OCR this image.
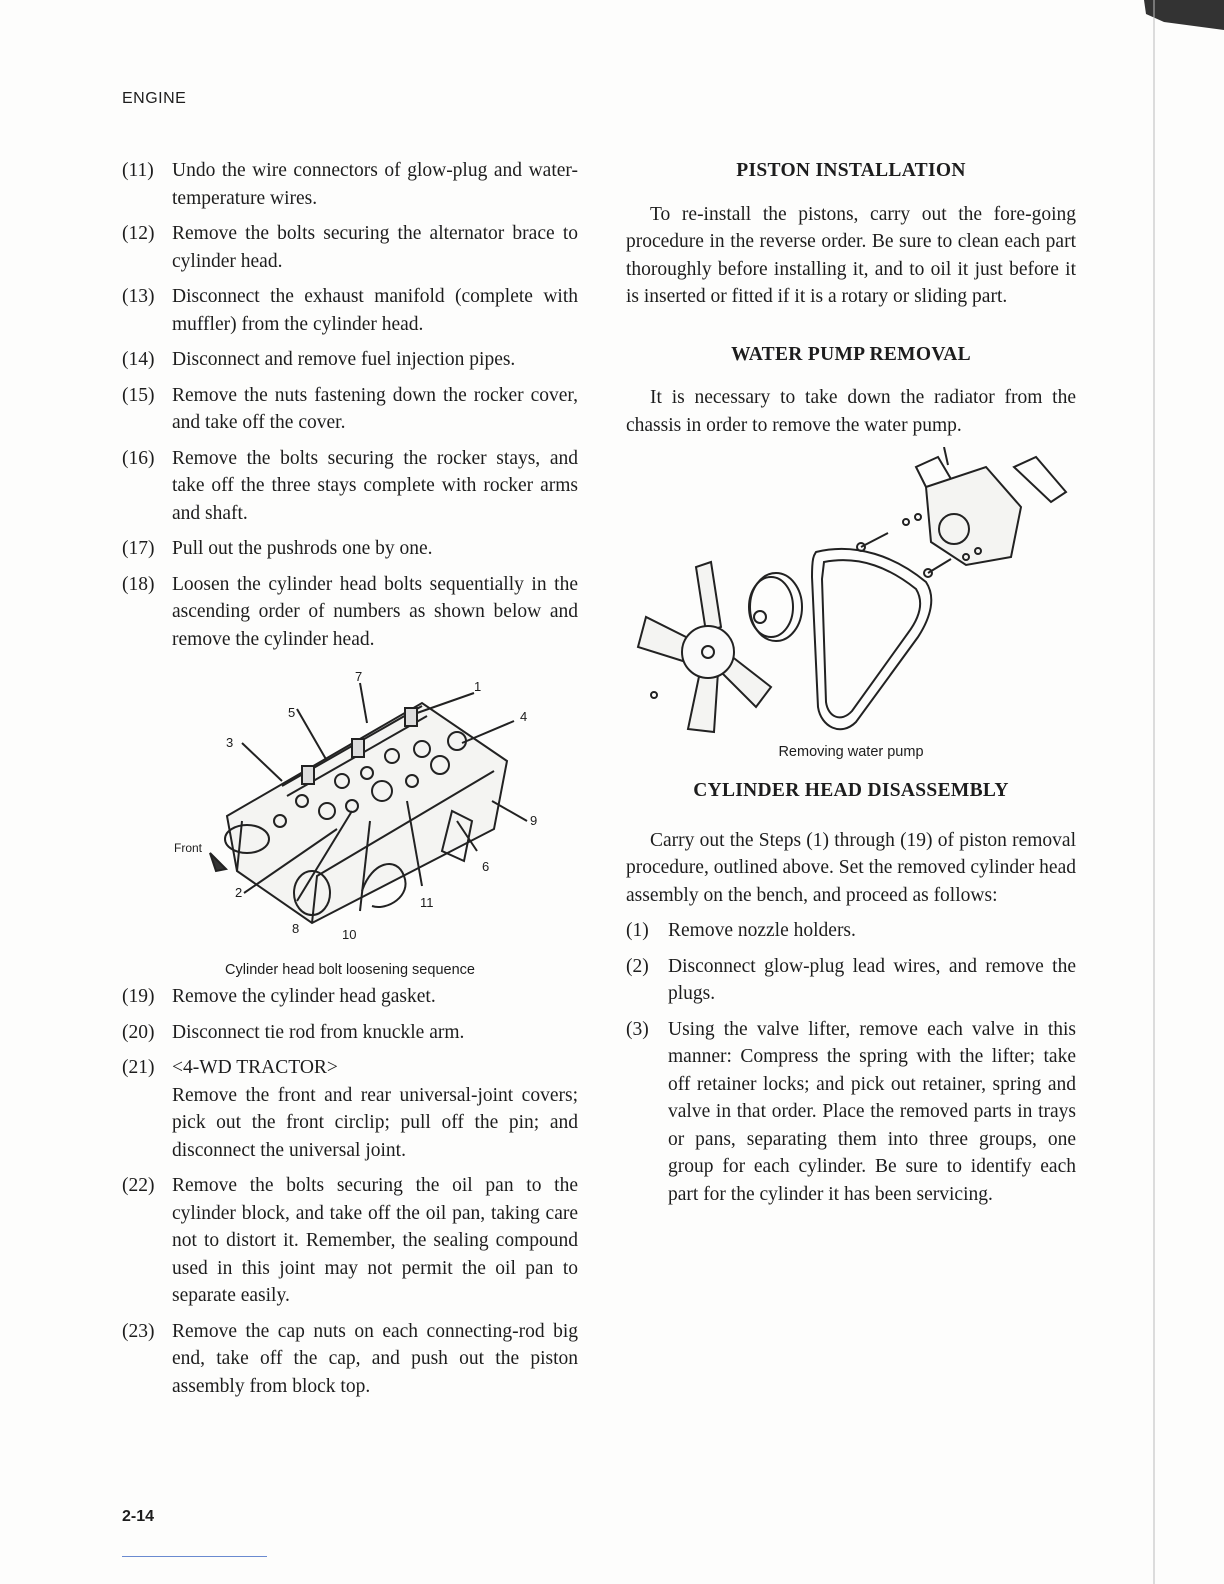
ENGINE
(11) Undo the wire connectors of glow-plug and water-temperature wires.
(12) Remove the bolts securing the alternator brace to cylinder head.
(13) Disconnect the exhaust manifold (complete with muffler) from the cylinder head.
(14) Disconnect and remove fuel injection pipes.
(15) Remove the nuts fastening down the rocker cover, and take off the cover.
(16) Remove the bolts securing the rocker stays, and take off the three stays complete with rocker arms and shaft.
(17) Pull out the pushrods one by one.
(18) Loosen the cylinder head bolts sequentially in the ascending order of numbers as shown below and remove the cylinder head.
7
1
5	4
3
9
Front
6
2
11
8	10
Cylinder head bolt loosening sequence
(19) Remove the cylinder head gasket.
(20) Disconnect tie rod from knuckle arm.
(21) <4-WD TRACTOR>
Remove the front and rear universal-joint covers; pick out the front circlip; pull off the pin; and disconnect the universal joint.
(22) Remove the bolts securing the oil pan to the cylinder block, and take off the oil pan, taking care not to distort it. Remember, the sealing compound used in this joint may not permit the oil pan to separate easily.
(23) Remove the cap nuts on each connecting-rod big end, take off the cap, and push out the piston assembly from block top.
PISTON INSTALLATION

To re-install the pistons, carry out the fore-going procedure in the reverse order. Be sure to clean each part thoroughly before installing it, and to oil it just before it is inserted or fitted if it is a rotary or sliding part.

WATER PUMP REMOVAL

It is necessary to take down the radiator from the chassis in order to remove the water pump.

Removing water pump
CYLINDER HEAD DISASSEMBLY

Carry out the Steps (1) through (19) of piston removal procedure, outlined above. Set the removed cylinder head assembly on the bench, and proceed as follows:

(1) Remove nozzle holders.
(2) Disconnect glow-plug lead wires, and remove the plugs.
(3) Using the valve lifter, remove each valve in this manner: Compress the spring with the lifter; take off retainer locks; and pick out retainer, spring and valve in that order. Place the removed parts in trays or pans, separating them into three groups, one group for each cylinder. Be sure to identify each part for the cylinder it has been servicing.
2-14
